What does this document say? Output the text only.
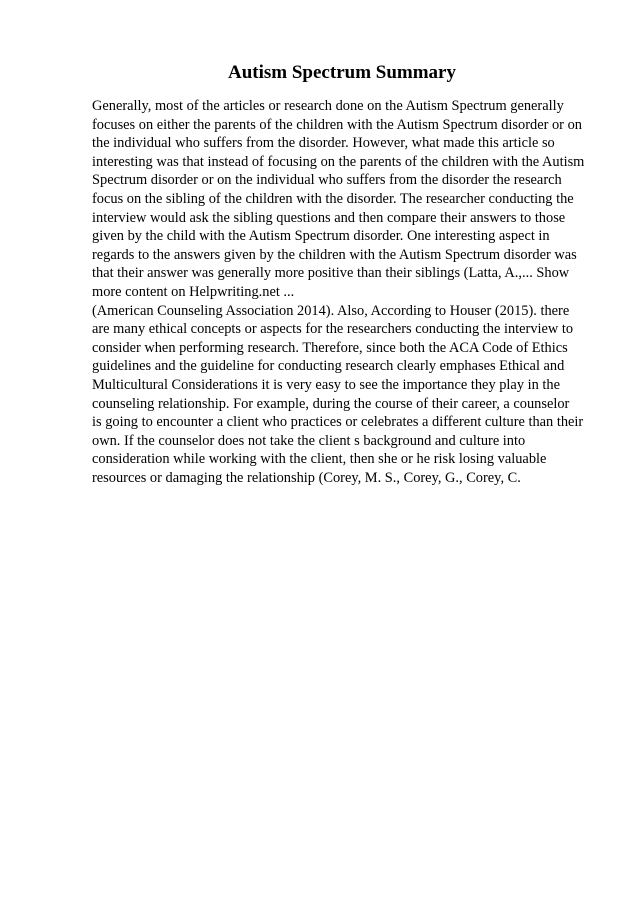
Autism Spectrum Summary
Generally, most of the articles or research done on the Autism Spectrum generally
focuses on either the parents of the children with the Autism Spectrum disorder or on
the individual who suffers from the disorder. However, what made this article so
interesting was that instead of focusing on the parents of the children with the Autism
Spectrum disorder or on the individual who suffers from the disorder the research
focus on the sibling of the children with the disorder. The researcher conducting the
interview would ask the sibling questions and then compare their answers to those
given by the child with the Autism Spectrum disorder. One interesting aspect in
regards to the answers given by the children with the Autism Spectrum disorder was
that their answer was generally more positive than their siblings (Latta, A.,... Show
more content on Helpwriting.net ...
(American Counseling Association 2014). Also, According to Houser (2015). there
are many ethical concepts or aspects for the researchers conducting the interview to
consider when performing research. Therefore, since both the ACA Code of Ethics
guidelines and the guideline for conducting research clearly emphases Ethical and
Multicultural Considerations it is very easy to see the importance they play in the
counseling relationship. For example, during the course of their career, a counselor
is going to encounter a client who practices or celebrates a different culture than their
own. If the counselor does not take the client s background and culture into
consideration while working with the client, then she or he risk losing valuable
resources or damaging the relationship (Corey, M. S., Corey, G., Corey, C.
